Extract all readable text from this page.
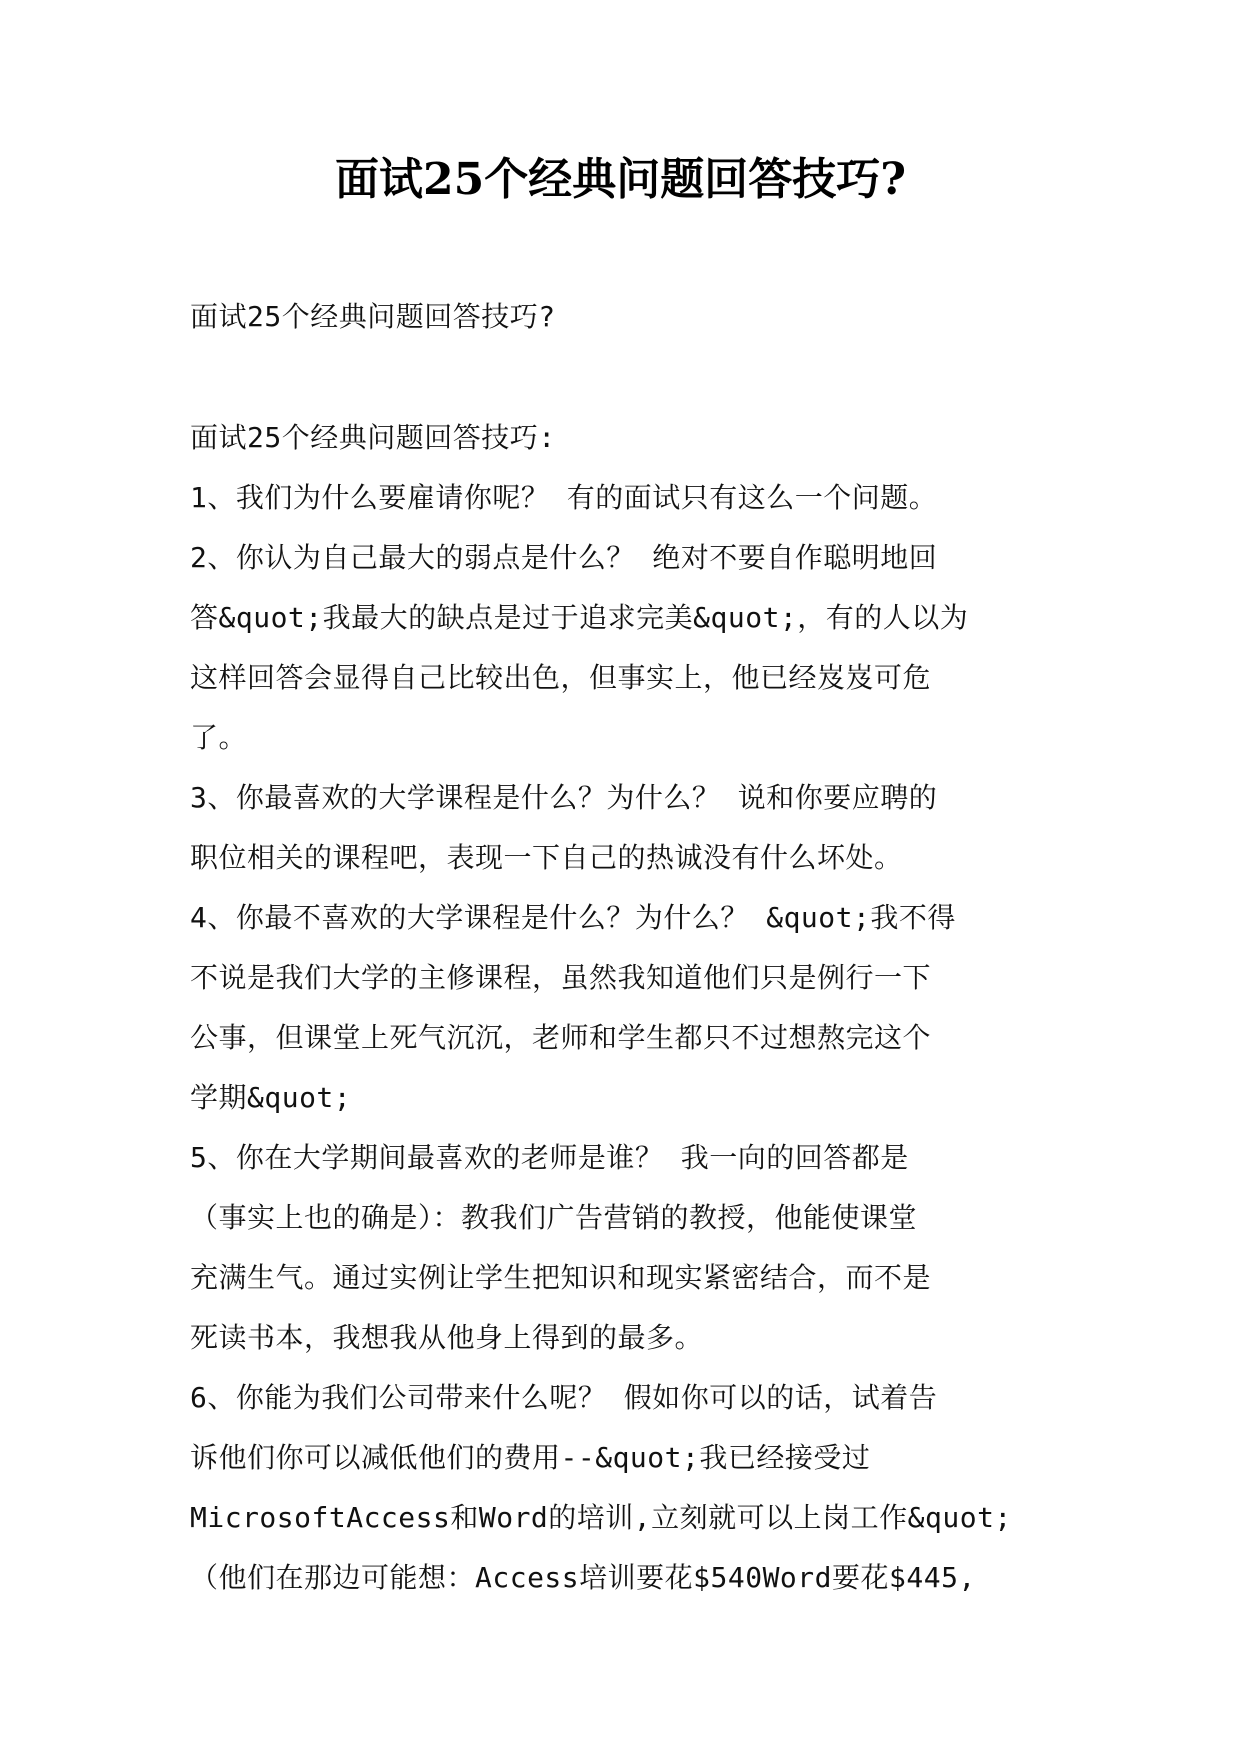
面试25个经典问题回答技巧?
面试25个经典问题回答技巧?
面试25个经典问题回答技巧:
1、我们为什么要雇请你呢？ 有的面试只有这么一个问题。
2、你认为自己最大的弱点是什么？ 绝对不要自作聪明地回
答&quot;我最大的缺点是过于追求完美&quot;，有的人以为
这样回答会显得自己比较出色，但事实上，他已经岌岌可危
了。
3、你最喜欢的大学课程是什么？为什么？ 说和你要应聘的
职位相关的课程吧，表现一下自己的热诚没有什么坏处。
4、你最不喜欢的大学课程是什么？为什么？ &quot;我不得
不说是我们大学的主修课程，虽然我知道他们只是例行一下
公事，但课堂上死气沉沉，老师和学生都只不过想熬完这个
学期&quot;
5、你在大学期间最喜欢的老师是谁？ 我一向的回答都是
（事实上也的确是）：教我们广告营销的教授，他能使课堂
充满生气。通过实例让学生把知识和现实紧密结合，而不是
死读书本，我想我从他身上得到的最多。
6、你能为我们公司带来什么呢？ 假如你可以的话，试着告
诉他们你可以减低他们的费用--&quot;我已经接受过
MicrosoftAccess和Word的培训,立刻就可以上岗工作&quot;
（他们在那边可能想：Access培训要花$540Word要花$445,
